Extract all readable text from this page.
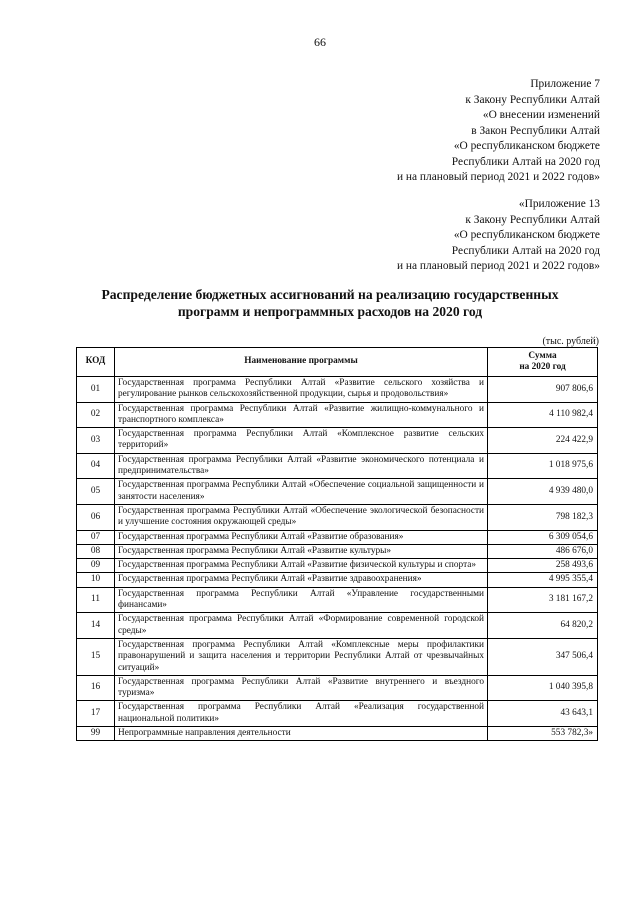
66
Приложение 7
к Закону Республики Алтай
«О внесении изменений
в Закон Республики Алтай
«О республиканском бюджете
Республики Алтай на 2020 год
и на плановый период 2021 и 2022 годов»
«Приложение 13
к Закону Республики Алтай
«О республиканском бюджете
Республики Алтай на 2020 год
и на плановый период 2021 и 2022 годов»
Распределение бюджетных ассигнований на реализацию государственных
программ и непрограммных расходов на 2020 год
(тыс. рублей)
КОД	Наименование программы	Сумма
на 2020 год

01	Государственная программа Республики Алтай «Развитие сельского хозяйства и регулирование рынков сельскохозяйственной продукции, сырья и продовольствия»	907 806,6
02	Государственная программа Республики Алтай «Развитие жилищно-коммунального и транспортного комплекса»	4 110 982,4
03	Государственная программа Республики Алтай «Комплексное развитие сельских территорий»	224 422,9
04	Государственная программа Республики Алтай «Развитие экономического потенциала и предпринимательства»	1 018 975,6
05	Государственная программа Республики Алтай «Обеспечение социальной защищенности и занятости населения»	4 939 480,0
06	Государственная программа Республики Алтай «Обеспечение экологической безопасности и улучшение состояния окружающей среды»	798 182,3
07	Государственная программа Республики Алтай «Развитие образования»	6 309 054,6
08	Государственная программа Республики Алтай «Развитие культуры»	486 676,0
09	Государственная программа Республики Алтай «Развитие физической культуры и спорта»	258 493,6
10	Государственная программа Республики Алтай «Развитие здравоохранения»	4 995 355,4
11	Государственная программа Республики Алтай «Управление государственными финансами»	3 181 167,2
14	Государственная программа Республики Алтай «Формирование современной городской среды»	64 820,2
15	Государственная программа Республики Алтай «Комплексные меры профилактики правонарушений и защита населения и территории Республики Алтай от чрезвычайных ситуаций»	347 506,4
16	Государственная программа Республики Алтай «Развитие внутреннего и въездного туризма»	1 040 395,8
17	Государственная программа Республики Алтай «Реализация государственной национальной политики»	43 643,1
99	Непрограммные направления деятельности	553 782,3»
